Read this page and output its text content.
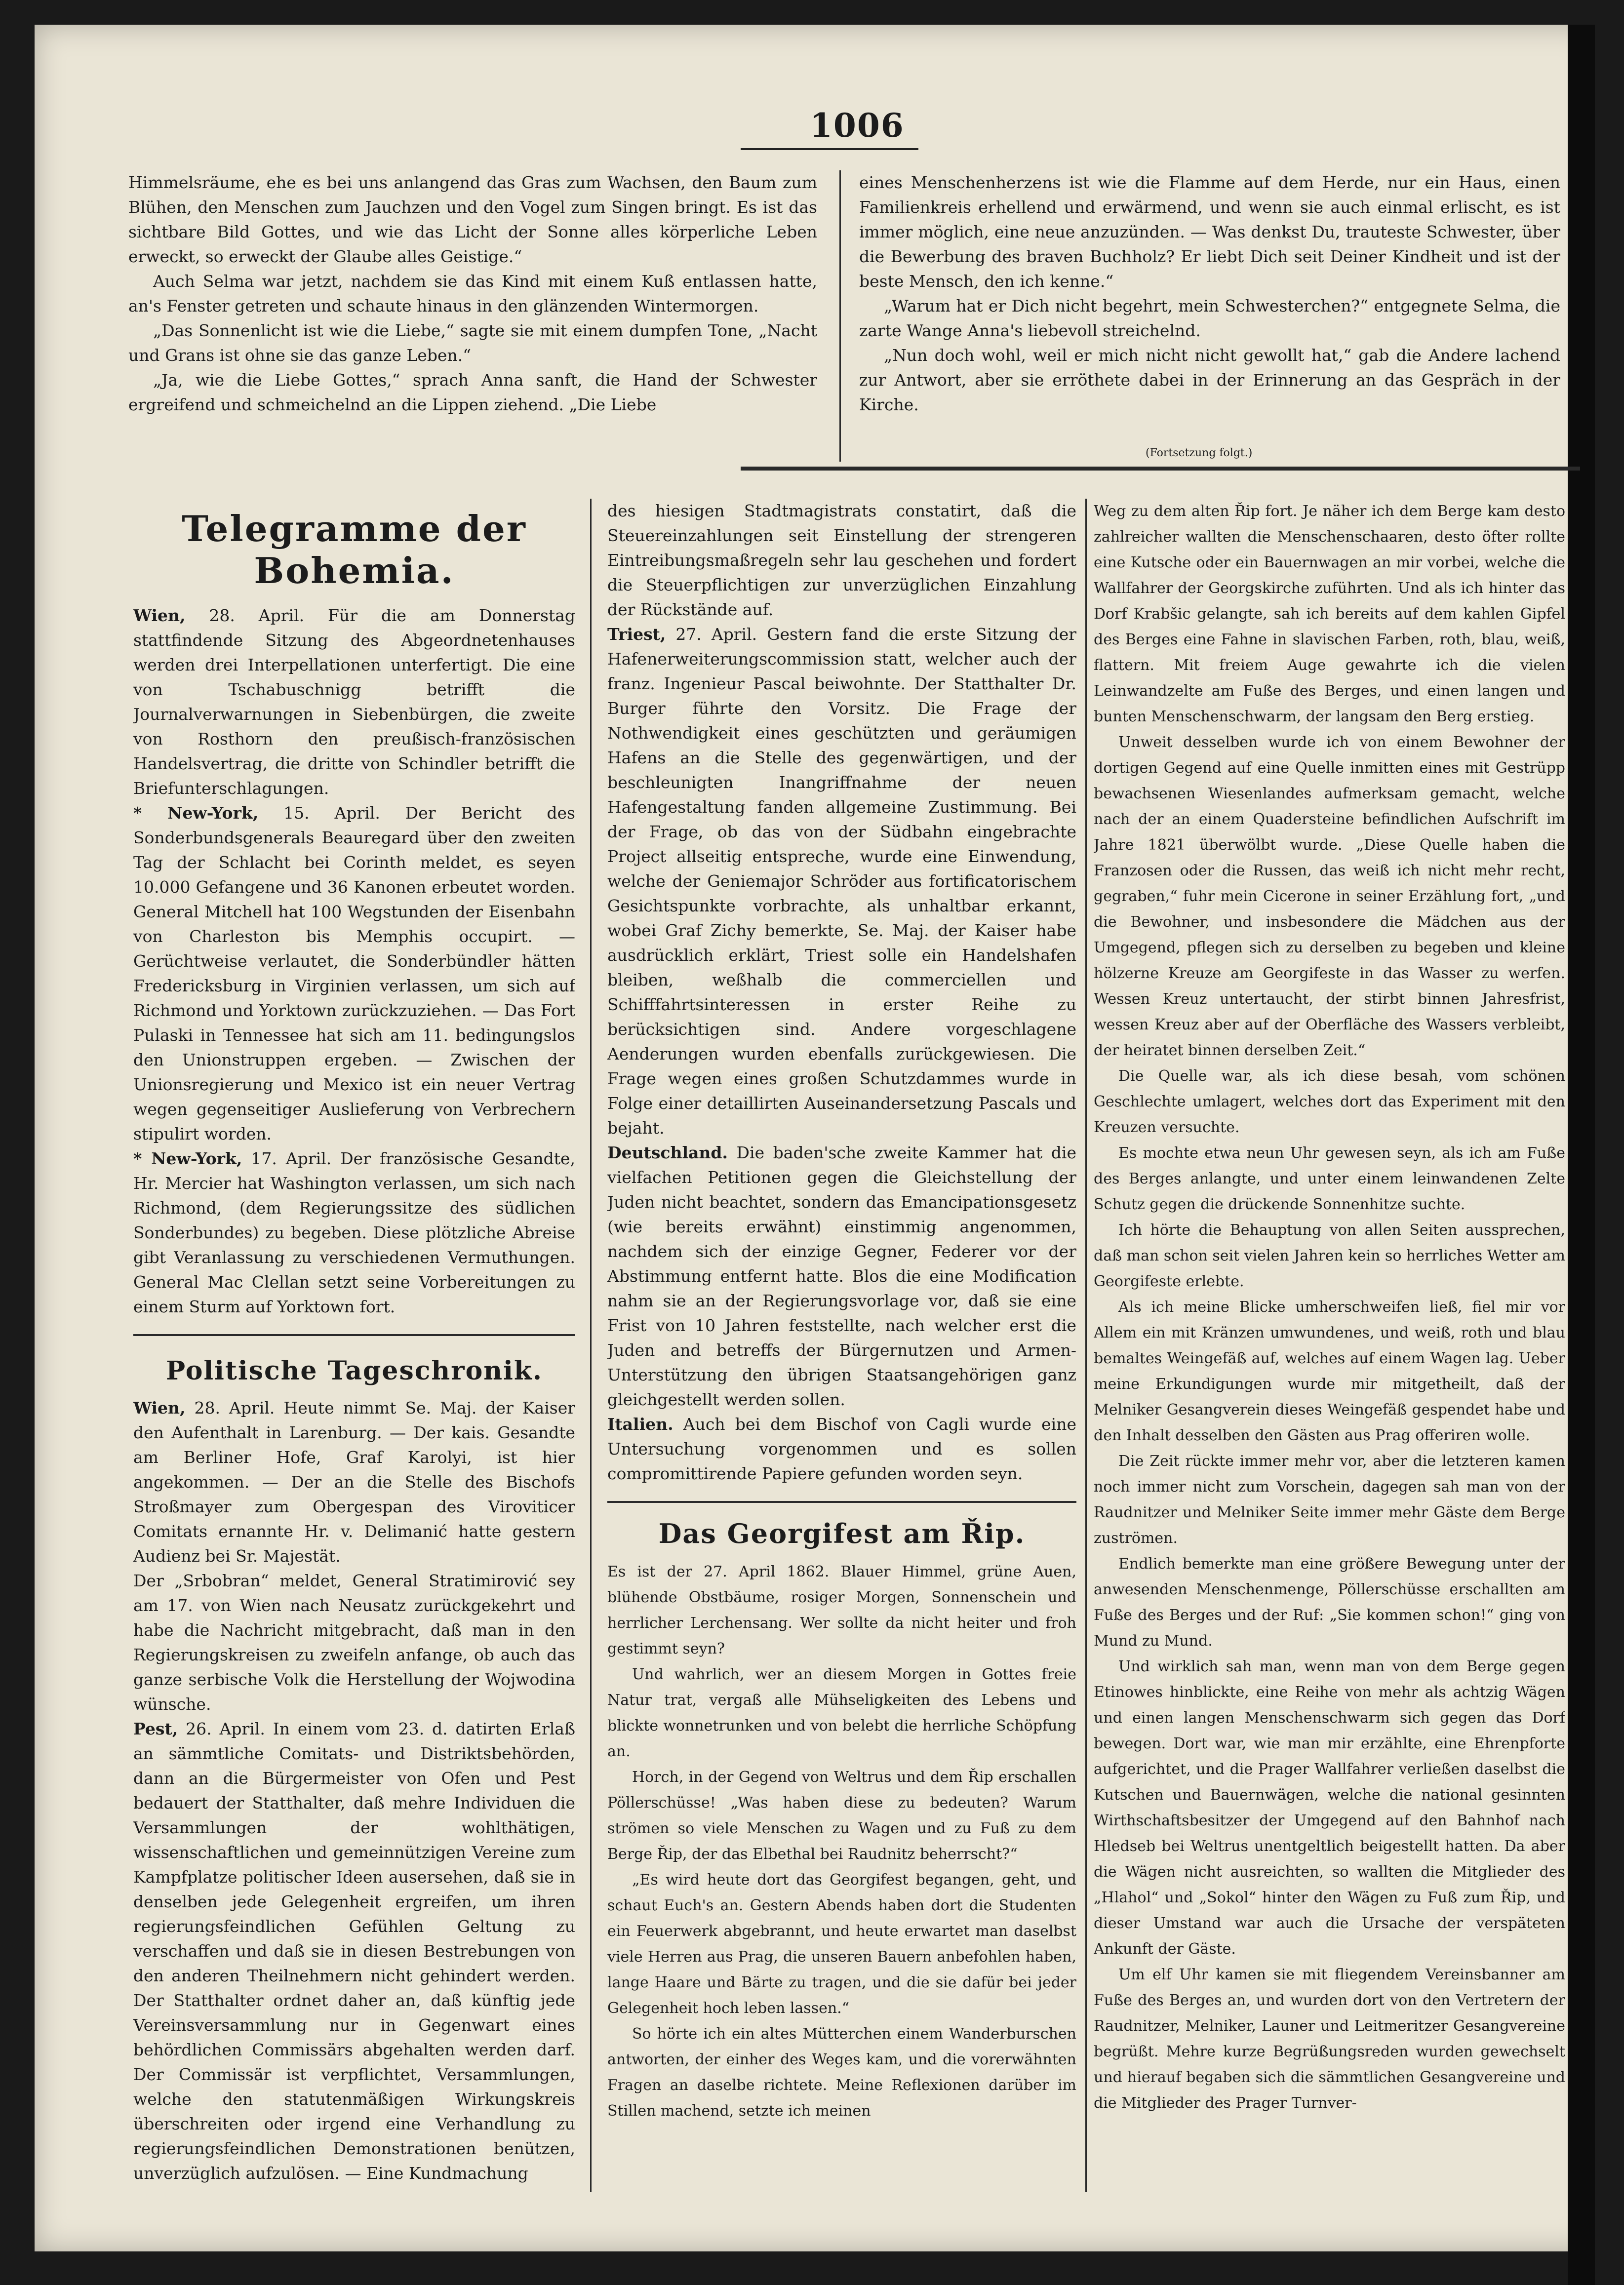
1006

Himmelsräume, ehe es bei uns anlangend das Gras zum Wachsen, den Baum zum Blühen, den Menschen zum Jauchzen und den Vogel zum Singen bringt. Es ist das sichtbare Bild Gottes, und wie das Licht der Sonne alles körperliche Leben erweckt, so erweckt der Glaube alles Geistige.“

Auch Selma war jetzt, nachdem sie das Kind mit einem Kuß entlassen hatte, an's Fenster getreten und schaute hinaus in den glänzenden Wintermorgen.

„Das Sonnenlicht ist wie die Liebe,“ sagte sie mit einem dumpfen Tone, „Nacht und Grans ist ohne sie das ganze Leben.“

„Ja, wie die Liebe Gottes,“ sprach Anna sanft, die Hand der Schwester ergreifend und schmeichelnd an die Lippen ziehend. „Die Liebe

eines Menschenherzens ist wie die Flamme auf dem Herde, nur ein Haus, einen Familienkreis erhellend und erwärmend, und wenn sie auch einmal erlischt, es ist immer möglich, eine neue anzuzünden. — Was denkst Du, trauteste Schwester, über die Bewerbung des braven Buchholz? Er liebt Dich seit Deiner Kindheit und ist der beste Mensch, den ich kenne.“

„Warum hat er Dich nicht begehrt, mein Schwesterchen?“ entgegnete Selma, die zarte Wange Anna's liebevoll streichelnd.

„Nun doch wohl, weil er mich nicht nicht gewollt hat,“ gab die Andere lachend zur Antwort, aber sie erröthete dabei in der Erinnerung an das Gespräch in der Kirche.

(Fortsetzung folgt.)
Telegramme der Bohemia.

Wien, 28. April. Für die am Donnerstag stattfindende Sitzung des Abgeordnetenhauses werden drei Interpellationen unterfertigt. Die eine von Tschabuschnigg betrifft die Journalverwarnungen in Siebenbürgen, die zweite von Rosthorn den preußisch-französischen Handelsvertrag, die dritte von Schindler betrifft die Briefunterschlagungen.

* New-York, 15. April. Der Bericht des Sonderbundsgenerals Beauregard über den zweiten Tag der Schlacht bei Corinth meldet, es seyen 10.000 Gefangene und 36 Kanonen erbeutet worden. General Mitchell hat 100 Wegstunden der Eisenbahn von Charleston bis Memphis occupirt. — Gerüchtweise verlautet, die Sonderbündler hätten Fredericksburg in Virginien verlassen, um sich auf Richmond und Yorktown zurückzuziehen. — Das Fort Pulaski in Tennessee hat sich am 11. bedingungslos den Unionstruppen ergeben. — Zwischen der Unionsregierung und Mexico ist ein neuer Vertrag wegen gegenseitiger Auslieferung von Verbrechern stipulirt worden.

* New-York, 17. April. Der französische Gesandte, Hr. Mercier hat Washington verlassen, um sich nach Richmond, (dem Regierungssitze des südlichen Sonderbundes) zu begeben. Diese plötzliche Abreise gibt Veranlassung zu verschiedenen Vermuthungen. General Mac Clellan setzt seine Vorbereitungen zu einem Sturm auf Yorktown fort.

Politische Tageschronik.

Wien, 28. April. Heute nimmt Se. Maj. der Kaiser den Aufenthalt in Larenburg. — Der kais. Gesandte am Berliner Hofe, Graf Karolyi, ist hier angekommen. — Der an die Stelle des Bischofs Stroßmayer zum Obergespan des Viroviticer Comitats ernannte Hr. v. Delimanić hatte gestern Audienz bei Sr. Majestät.

Der „Srbobran“ meldet, General Stratimirović sey am 17. von Wien nach Neusatz zurückgekehrt und habe die Nachricht mitgebracht, daß man in den Regierungskreisen zu zweifeln anfange, ob auch das ganze serbische Volk die Herstellung der Wojwodina wünsche.

Pest, 26. April. In einem vom 23. d. datirten Erlaß an sämmtliche Comitats- und Distriktsbehörden, dann an die Bürgermeister von Ofen und Pest bedauert der Statthalter, daß mehre Individuen die Versammlungen der wohlthätigen, wissenschaftlichen und gemeinnützigen Vereine zum Kampfplatze politischer Ideen ausersehen, daß sie in denselben jede Gelegenheit ergreifen, um ihren regierungsfeindlichen Gefühlen Geltung zu verschaffen und daß sie in diesen Bestrebungen von den anderen Theilnehmern nicht gehindert werden. Der Statthalter ordnet daher an, daß künftig jede Vereinsversammlung nur in Gegenwart eines behördlichen Commissärs abgehalten werden darf. Der Commissär ist verpflichtet, Versammlungen, welche den statutenmäßigen Wirkungskreis überschreiten oder irgend eine Verhandlung zu regierungsfeindlichen Demonstrationen benützen, unverzüglich aufzulösen. — Eine Kundmachung

des hiesigen Stadtmagistrats constatirt, daß die Steuereinzahlungen seit Einstellung der strengeren Eintreibungsmaßregeln sehr lau geschehen und fordert die Steuerpflichtigen zur unverzüglichen Einzahlung der Rückstände auf.

Triest, 27. April. Gestern fand die erste Sitzung der Hafenerweiterungscommission statt, welcher auch der franz. Ingenieur Pascal beiwohnte. Der Statthalter Dr. Burger führte den Vorsitz. Die Frage der Nothwendigkeit eines geschützten und geräumigen Hafens an die Stelle des gegenwärtigen, und der beschleunigten Inangriffnahme der neuen Hafengestaltung fanden allgemeine Zustimmung. Bei der Frage, ob das von der Südbahn eingebrachte Project allseitig entspreche, wurde eine Einwendung, welche der Geniemajor Schröder aus fortificatorischem Gesichtspunkte vorbrachte, als unhaltbar erkannt, wobei Graf Zichy bemerkte, Se. Maj. der Kaiser habe ausdrücklich erklärt, Triest solle ein Handelshafen bleiben, weßhalb die commerciellen und Schifffahrtsinteressen in erster Reihe zu berücksichtigen sind. Andere vorgeschlagene Aenderungen wurden ebenfalls zurückgewiesen. Die Frage wegen eines großen Schutzdammes wurde in Folge einer detaillirten Auseinandersetzung Pascals und bejaht.

Deutschland. Die baden'sche zweite Kammer hat die vielfachen Petitionen gegen die Gleichstellung der Juden nicht beachtet, sondern das Emancipationsgesetz (wie bereits erwähnt) einstimmig angenommen, nachdem sich der einzige Gegner, Federer vor der Abstimmung entfernt hatte. Blos die eine Modification nahm sie an der Regierungsvorlage vor, daß sie eine Frist von 10 Jahren feststellte, nach welcher erst die Juden and betreffs der Bürgernutzen und Armen-Unterstützung den übrigen Staatsangehörigen ganz gleichgestellt werden sollen.

Italien. Auch bei dem Bischof von Cagli wurde eine Untersuchung vorgenommen und es sollen compromittirende Papiere gefunden worden seyn.

Das Georgifest am Řip.

Es ist der 27. April 1862. Blauer Himmel, grüne Auen, blühende Obstbäume, rosiger Morgen, Sonnenschein und herrlicher Lerchensang. Wer sollte da nicht heiter und froh gestimmt seyn?

Und wahrlich, wer an diesem Morgen in Gottes freie Natur trat, vergaß alle Mühseligkeiten des Lebens und blickte wonnetrunken und von belebt die herrliche Schöpfung an.

Horch, in der Gegend von Weltrus und dem Řip erschallen Pöllerschüsse! „Was haben diese zu bedeuten? Warum strömen so viele Menschen zu Wagen und zu Fuß zu dem Berge Řip, der das Elbethal bei Raudnitz beherrscht?“

„Es wird heute dort das Georgifest begangen, geht, und schaut Euch's an. Gestern Abends haben dort die Studenten ein Feuerwerk abgebrannt, und heute erwartet man daselbst viele Herren aus Prag, die unseren Bauern anbefohlen haben, lange Haare und Bärte zu tragen, und die sie dafür bei jeder Gelegenheit hoch leben lassen.“

So hörte ich ein altes Mütterchen einem Wanderburschen antworten, der einher des Weges kam, und die vorerwähnten Fragen an daselbe richtete. Meine Reflexionen darüber im Stillen machend, setzte ich meinen

Weg zu dem alten Řip fort. Je näher ich dem Berge kam desto zahlreicher wallten die Menschenschaaren, desto öfter rollte eine Kutsche oder ein Bauernwagen an mir vorbei, welche die Wallfahrer der Georgskirche zuführten. Und als ich hinter das Dorf Krabšic gelangte, sah ich bereits auf dem kahlen Gipfel des Berges eine Fahne in slavischen Farben, roth, blau, weiß, flattern. Mit freiem Auge gewahrte ich die vielen Leinwandzelte am Fuße des Berges, und einen langen und bunten Menschenschwarm, der langsam den Berg erstieg.

Unweit desselben wurde ich von einem Bewohner der dortigen Gegend auf eine Quelle inmitten eines mit Gestrüpp bewachsenen Wiesenlandes aufmerksam gemacht, welche nach der an einem Quadersteine befindlichen Aufschrift im Jahre 1821 überwölbt wurde. „Diese Quelle haben die Franzosen oder die Russen, das weiß ich nicht mehr recht, gegraben,“ fuhr mein Cicerone in seiner Erzählung fort, „und die Bewohner, und insbesondere die Mädchen aus der Umgegend, pflegen sich zu derselben zu begeben und kleine hölzerne Kreuze am Georgifeste in das Wasser zu werfen. Wessen Kreuz untertaucht, der stirbt binnen Jahresfrist, wessen Kreuz aber auf der Oberfläche des Wassers verbleibt, der heiratet binnen derselben Zeit.“

Die Quelle war, als ich diese besah, vom schönen Geschlechte umlagert, welches dort das Experiment mit den Kreuzen versuchte.

Es mochte etwa neun Uhr gewesen seyn, als ich am Fuße des Berges anlangte, und unter einem leinwandenen Zelte Schutz gegen die drückende Sonnenhitze suchte.

Ich hörte die Behauptung von allen Seiten aussprechen, daß man schon seit vielen Jahren kein so herrliches Wetter am Georgifeste erlebte.

Als ich meine Blicke umherschweifen ließ, fiel mir vor Allem ein mit Kränzen umwundenes, und weiß, roth und blau bemaltes Weingefäß auf, welches auf einem Wagen lag. Ueber meine Erkundigungen wurde mir mitgetheilt, daß der Melniker Gesangverein dieses Weingefäß gespendet habe und den Inhalt desselben den Gästen aus Prag offeriren wolle.

Die Zeit rückte immer mehr vor, aber die letzteren kamen noch immer nicht zum Vorschein, dagegen sah man von der Raudnitzer und Melniker Seite immer mehr Gäste dem Berge zuströmen.

Endlich bemerkte man eine größere Bewegung unter der anwesenden Menschenmenge, Pöllerschüsse erschallten am Fuße des Berges und der Ruf: „Sie kommen schon!“ ging von Mund zu Mund.

Und wirklich sah man, wenn man von dem Berge gegen Etinowes hinblickte, eine Reihe von mehr als achtzig Wägen und einen langen Menschenschwarm sich gegen das Dorf bewegen. Dort war, wie man mir erzählte, eine Ehrenpforte aufgerichtet, und die Prager Wallfahrer verließen daselbst die Kutschen und Bauernwägen, welche die national gesinnten Wirthschaftsbesitzer der Umgegend auf den Bahnhof nach Hledseb bei Weltrus unentgeltlich beigestellt hatten. Da aber die Wägen nicht ausreichten, so wallten die Mitglieder des „Hlahol“ und „Sokol“ hinter den Wägen zu Fuß zum Řip, und dieser Umstand war auch die Ursache der verspäteten Ankunft der Gäste.

Um elf Uhr kamen sie mit fliegendem Vereinsbanner am Fuße des Berges an, und wurden dort von den Vertretern der Raudnitzer, Melniker, Launer und Leitmeritzer Gesangvereine begrüßt. Mehre kurze Begrüßungsreden wurden gewechselt und hierauf begaben sich die sämmtlichen Gesangvereine und die Mitglieder des Prager Turnver-
